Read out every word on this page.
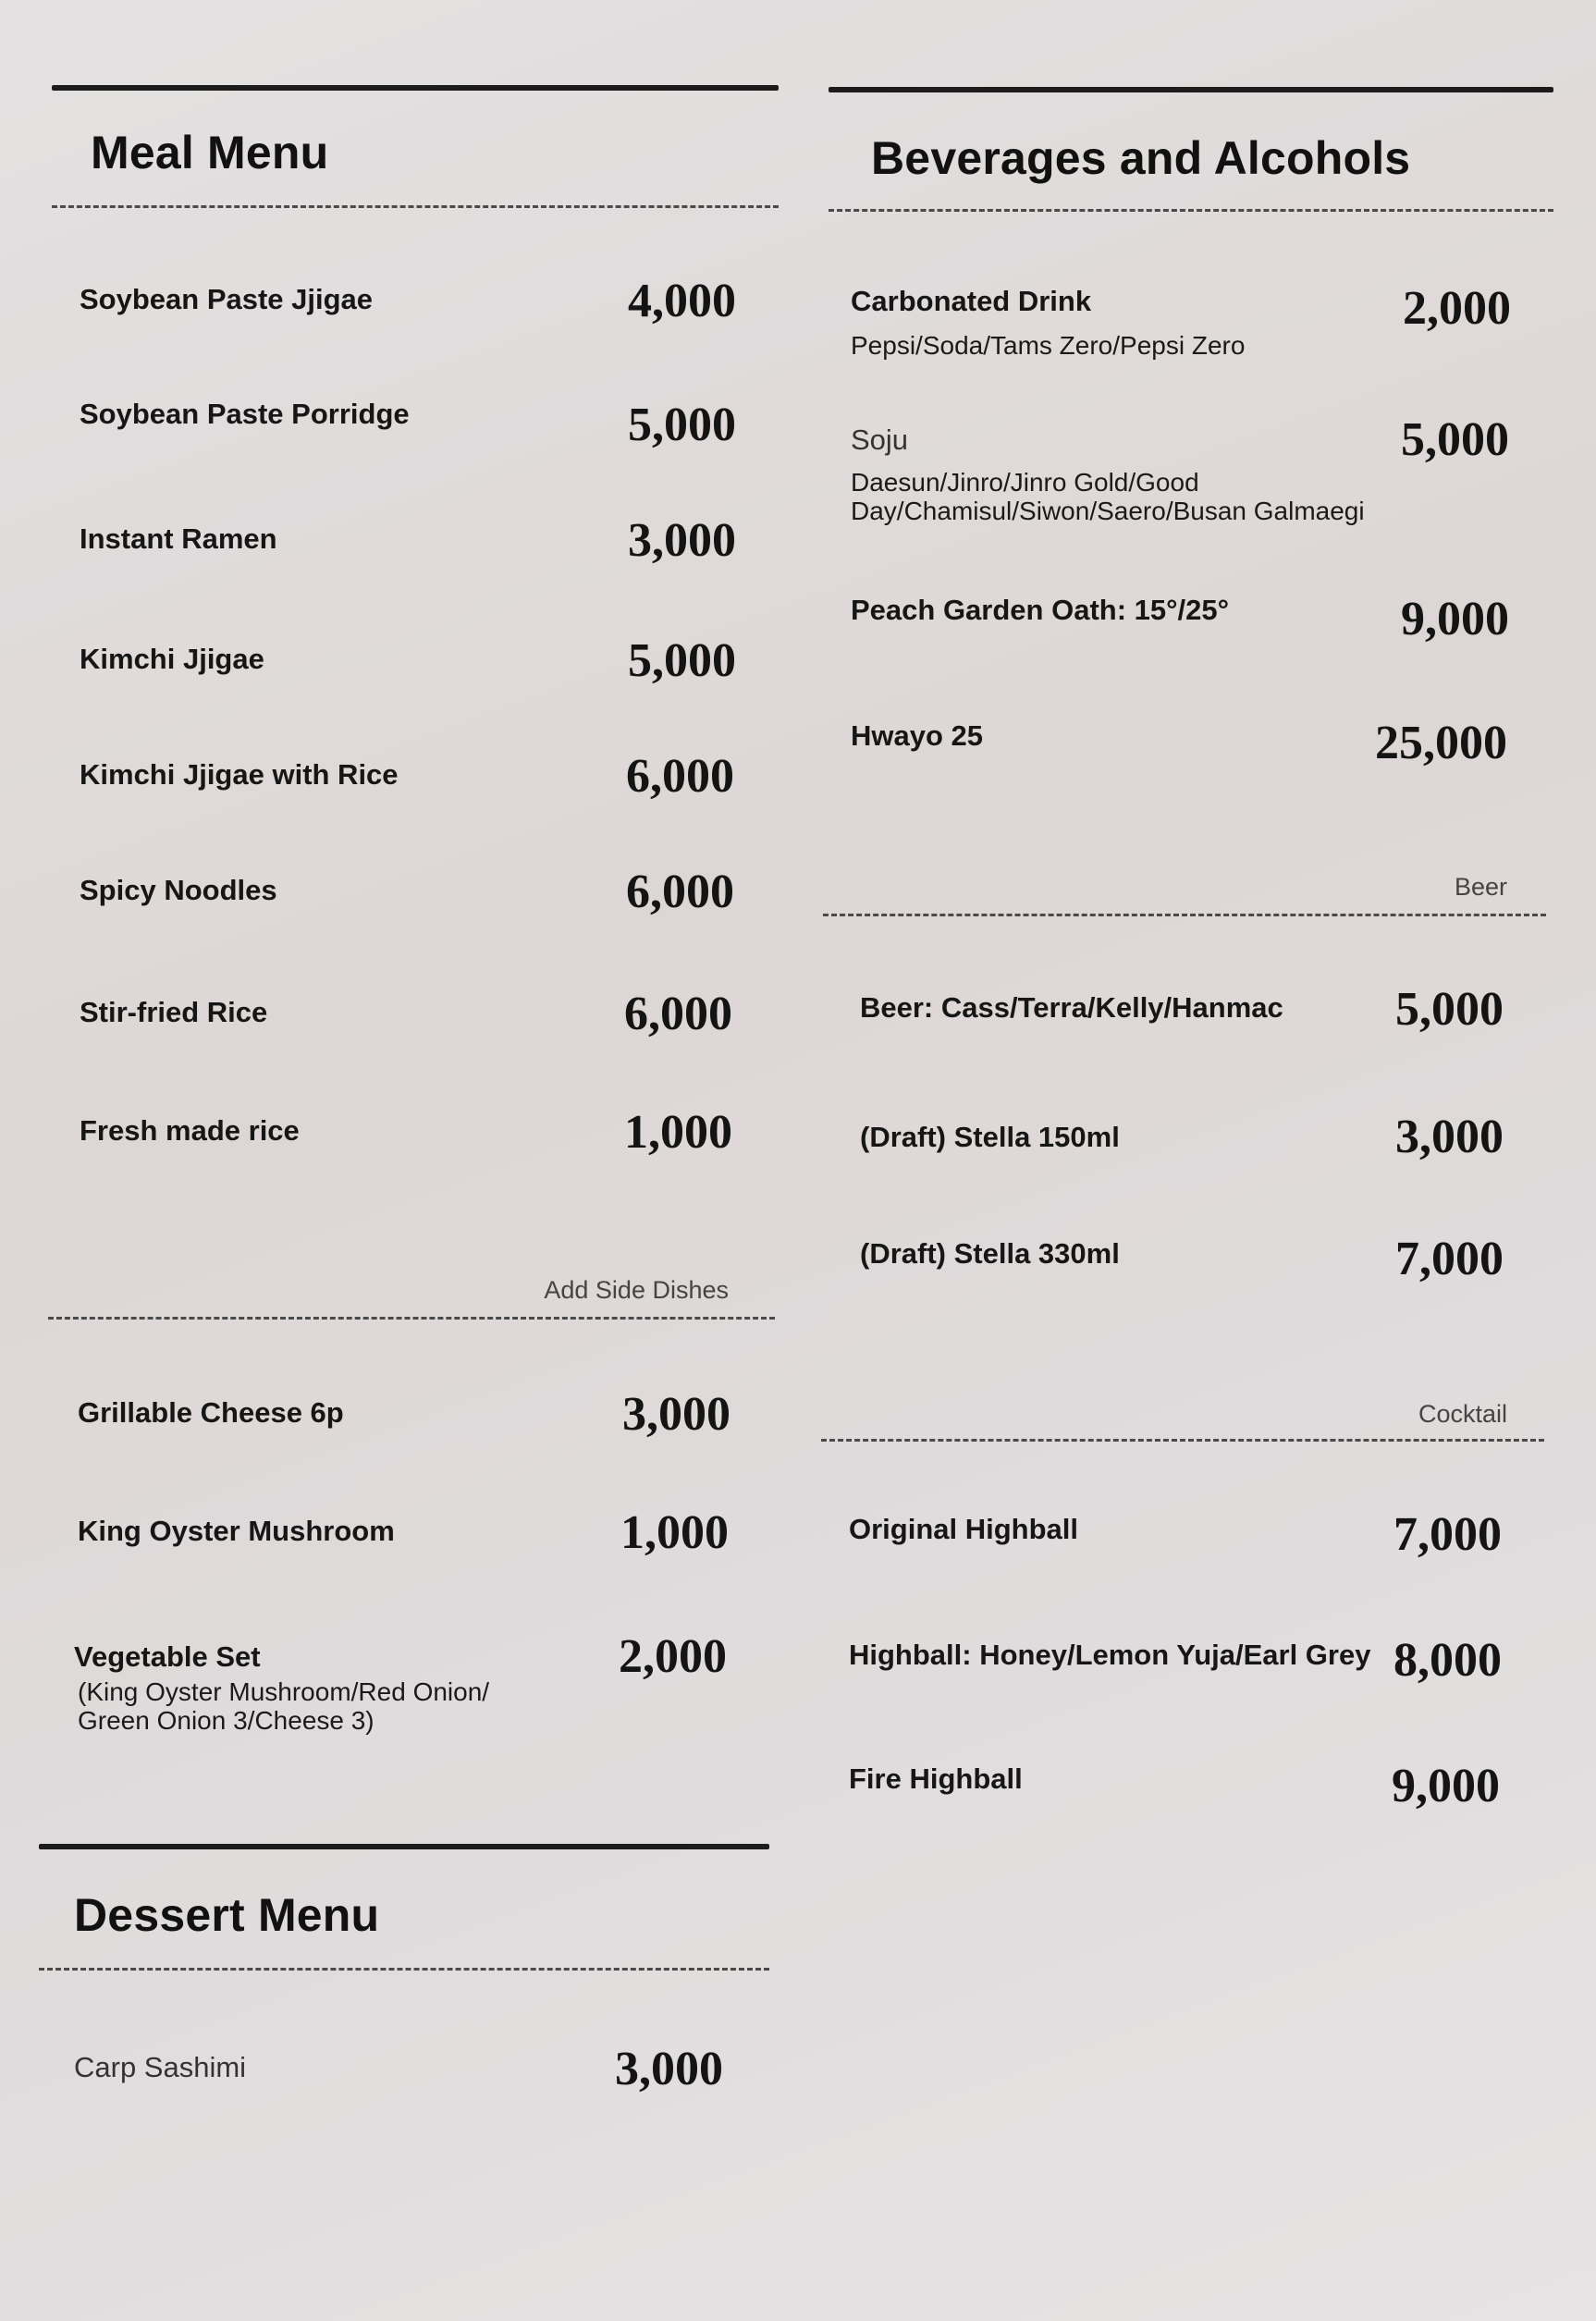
Meal Menu
Soybean Paste Jjigae	4,000
Soybean Paste Porridge	5,000
Instant Ramen	3,000
Kimchi Jjigae	5,000
Kimchi Jjigae with Rice	6,000
Spicy Noodles	6,000
Stir-fried Rice	6,000
Fresh made rice	1,000
Add Side Dishes
Grillable Cheese 6p	3,000
King Oyster Mushroom	1,000
Vegetable Set
(King Oyster Mushroom/Red Onion/
Green Onion 3/Cheese 3)
2,000
Dessert Menu
Carp Sashimi	3,000
Beverages and Alcohols
Carbonated Drink
Pepsi/Soda/Tams Zero/Pepsi Zero
2,000
Soju
Daesun/Jinro/Jinro Gold/Good
Day/Chamisul/Siwon/Saero/Busan Galmaegi
5,000
Peach Garden Oath: 15°/25°	9,000
Hwayo 25	25,000
Beer
Beer: Cass/Terra/Kelly/Hanmac 5,000
(Draft) Stella 150ml	3,000
(Draft) Stella 330ml	7,000
Cocktail
Original Highball	7,000
Highball: Honey/Lemon Yuja/Earl Grey 8,000
Fire Highball	9,000
